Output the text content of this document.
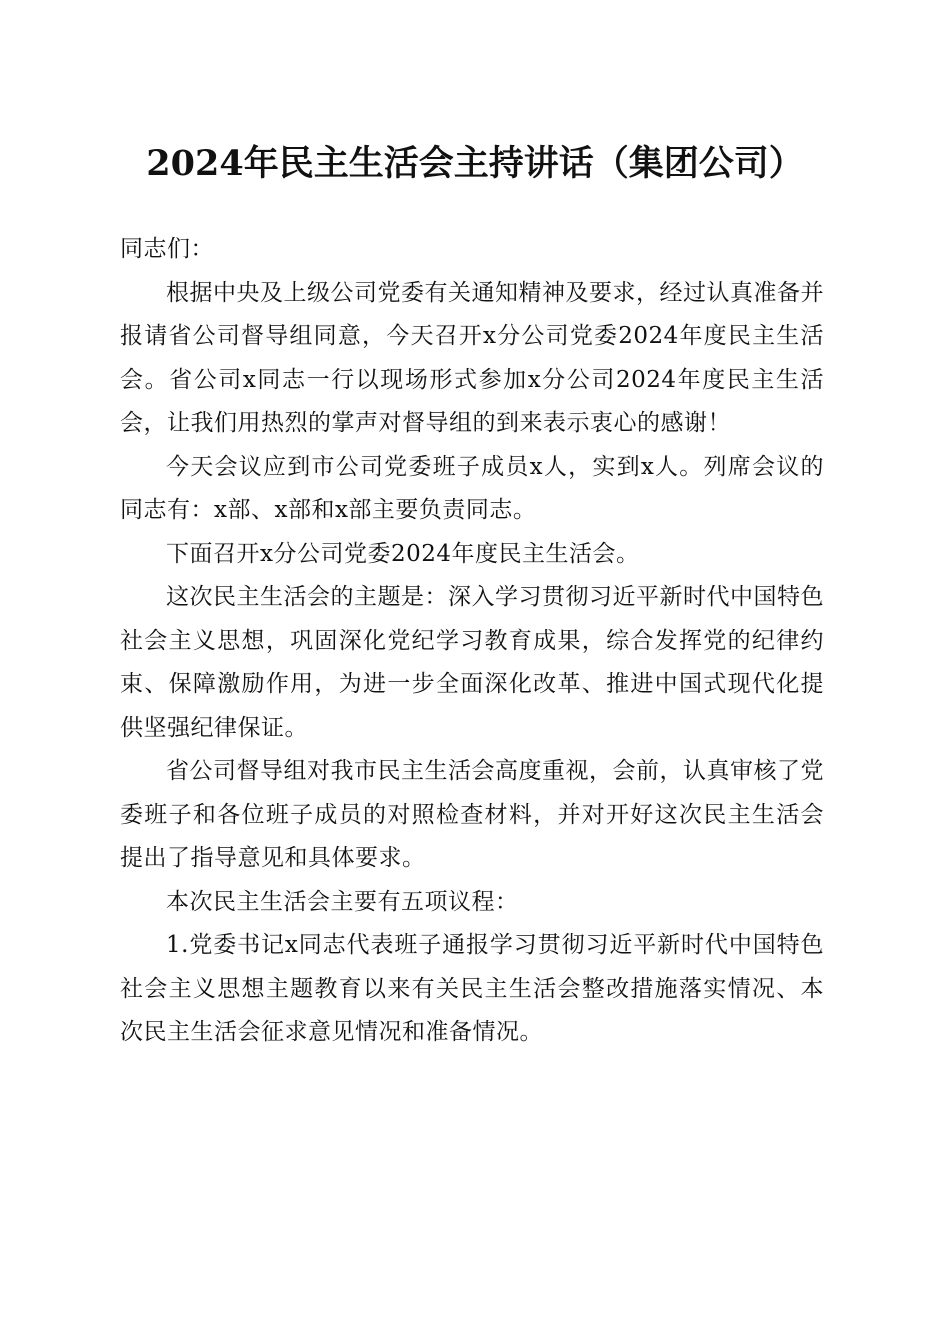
2024年民主生活会主持讲话（集团公司）

同志们：

根据中央及上级公司党委有关通知精神及要求，经过认真准备并报请省公司督导组同意，今天召开x分公司党委2024年度民主生活会。省公司x同志一行以现场形式参加x分公司2024年度民主生活会，让我们用热烈的掌声对督导组的到来表示衷心的感谢！

今天会议应到市公司党委班子成员x人，实到x人。列席会议的同志有：x部、x部和x部主要负责同志。

下面召开x分公司党委2024年度民主生活会。

这次民主生活会的主题是：深入学习贯彻习近平新时代中国特色社会主义思想，巩固深化党纪学习教育成果，综合发挥党的纪律约束、保障激励作用，为进一步全面深化改革、推进中国式现代化提供坚强纪律保证。

省公司督导组对我市民主生活会高度重视，会前，认真审核了党委班子和各位班子成员的对照检查材料，并对开好这次民主生活会提出了指导意见和具体要求。

本次民主生活会主要有五项议程：

1.党委书记x同志代表班子通报学习贯彻习近平新时代中国特色社会主义思想主题教育以来有关民主生活会整改措施落实情况、本次民主生活会征求意见情况和准备情况。
